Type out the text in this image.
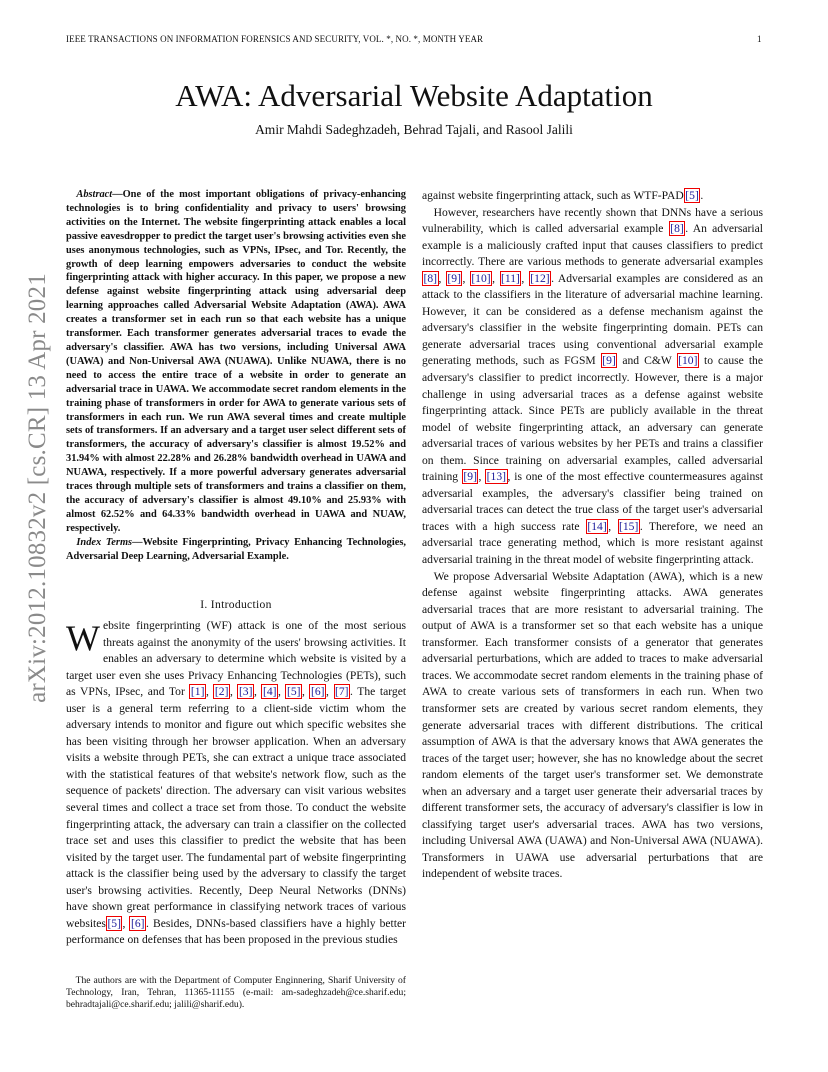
IEEE TRANSACTIONS ON INFORMATION FORENSICS AND SECURITY, VOL. *, NO. *, MONTH YEAR	1
AWA: Adversarial Website Adaptation
Amir Mahdi Sadeghzadeh, Behrad Tajali, and Rasool Jalili
arXiv:2012.10832v2 [cs.CR] 13 Apr 2021

Abstract—One of the most important obligations of privacy-enhancing technologies is to bring confidentiality and privacy to users' browsing activities on the Internet. The website fingerprinting attack enables a local passive eavesdropper to predict the target user's browsing activities even she uses anonymous technologies, such as VPNs, IPsec, and Tor. Recently, the growth of deep learning empowers adversaries to conduct the website fingerprinting attack with higher accuracy. In this paper, we propose a new defense against website fingerprinting attack using adversarial deep learning approaches called Adversarial Website Adaptation (AWA). AWA creates a transformer set in each run so that each website has a unique transformer. Each transformer generates adversarial traces to evade the adversary's classifier. AWA has two versions, including Universal AWA (UAWA) and Non-Universal AWA (NUAWA). Unlike NUAWA, there is no need to access the entire trace of a website in order to generate an adversarial trace in UAWA. We accommodate secret random elements in the training phase of transformers in order for AWA to generate various sets of transformers in each run. We run AWA several times and create multiple sets of transformers. If an adversary and a target user select different sets of transformers, the accuracy of adversary's classifier is almost 19.52% and 31.94% with almost 22.28% and 26.28% bandwidth overhead in UAWA and NUAWA, respectively. If a more powerful adversary generates adversarial traces through multiple sets of transformers and trains a classifier on them, the accuracy of adversary's classifier is almost 49.10% and 25.93% with almost 62.52% and 64.33% bandwidth overhead in UAWA and NUAW, respectively.

Index Terms—Website Fingerprinting, Privacy Enhancing Technologies, Adversarial Deep Learning, Adversarial Example.

I. Introduction

Website fingerprinting (WF) attack is one of the most serious threats against the anonymity of the users' browsing activities. It enables an adversary to determine which website is visited by a target user even she uses Privacy Enhancing Technologies (PETs), such as VPNs, IPsec, and Tor [1] , [2] , [3] , [4] , [5] , [6] , [7] . The target user is a general term referring to a client-side victim whom the adversary intends to monitor and figure out which specific websites she has been visiting through her browser application. When an adversary visits a website through PETs, she can extract a unique trace associated with the statistical features of that website's network flow, such as the sequence of packets' direction. The adversary can visit various websites several times and collect a trace set from those. To conduct the website fingerprinting attack, the adversary can train a classifier on the collected trace set and uses this classifier to predict the website that has been visited by the target user. The fundamental part of website fingerprinting attack is the classifier being used by the adversary to classify the target user's browsing activities. Recently, Deep Neural Networks (DNNs) have shown great performance in classifying network traces of various websites [5] , [6] . Besides, DNNs-based classifiers have a highly better performance on defenses that has been proposed in the previous studies

against website fingerprinting attack, such as WTF-PAD [5] .

However, researchers have recently shown that DNNs have a serious vulnerability, which is called adversarial example [8] . An adversarial example is a maliciously crafted input that causes classifiers to predict incorrectly. There are various methods to generate adversarial examples [8] , [9] , [10] , [11] , [12] . Adversarial examples are considered as an attack to the classifiers in the literature of adversarial machine learning. However, it can be considered as a defense mechanism against the adversary's classifier in the website fingerprinting domain. PETs can generate adversarial traces using conventional adversarial example generating methods, such as FGSM [9] and C&W [10] to cause the adversary's classifier to predict incorrectly. However, there is a major challenge in using adversarial traces as a defense against website fingerprinting attack. Since PETs are publicly available in the threat model of website fingerprinting attack, an adversary can generate adversarial traces of various websites by her PETs and trains a classifier on them. Since training on adversarial examples, called adversarial training [9] , [13] , is one of the most effective countermeasures against adversarial examples, the adversary's classifier being trained on adversarial traces can detect the true class of the target user's adversarial traces with a high success rate [14] , [15] . Therefore, we need an adversarial trace generating method, which is more resistant against adversarial training in the threat model of website fingerprinting attack.

We propose Adversarial Website Adaptation (AWA), which is a new defense against website fingerprinting attacks. AWA generates adversarial traces that are more resistant to adversarial training. The output of AWA is a transformer set so that each website has a unique transformer. Each transformer consists of a generator that generates adversarial perturbations, which are added to traces to make adversarial traces. We accommodate secret random elements in the training phase of AWA to create various sets of transformers in each run. When two transformer sets are created by various secret random elements, they generate adversarial traces with different distributions. The critical assumption of AWA is that the adversary knows that AWA generates the traces of the target user; however, she has no knowledge about the secret random elements of the target user's transformer set. We demonstrate when an adversary and a target user generate their adversarial traces by different transformer sets, the accuracy of adversary's classifier is low in classifying target user's adversarial traces. AWA has two versions, including Universal AWA (UAWA) and Non-Universal AWA (NUAWA). Transformers in UAWA use adversarial perturbations that are independent of website traces.

The authors are with the Department of Computer Enginnering, Sharif University of Technology, Iran, Tehran, 11365-11155 (e-mail: am-sadeghzadeh@ce.sharif.edu; behradtajali@ce.sharif.edu; jalili@sharif.edu).
